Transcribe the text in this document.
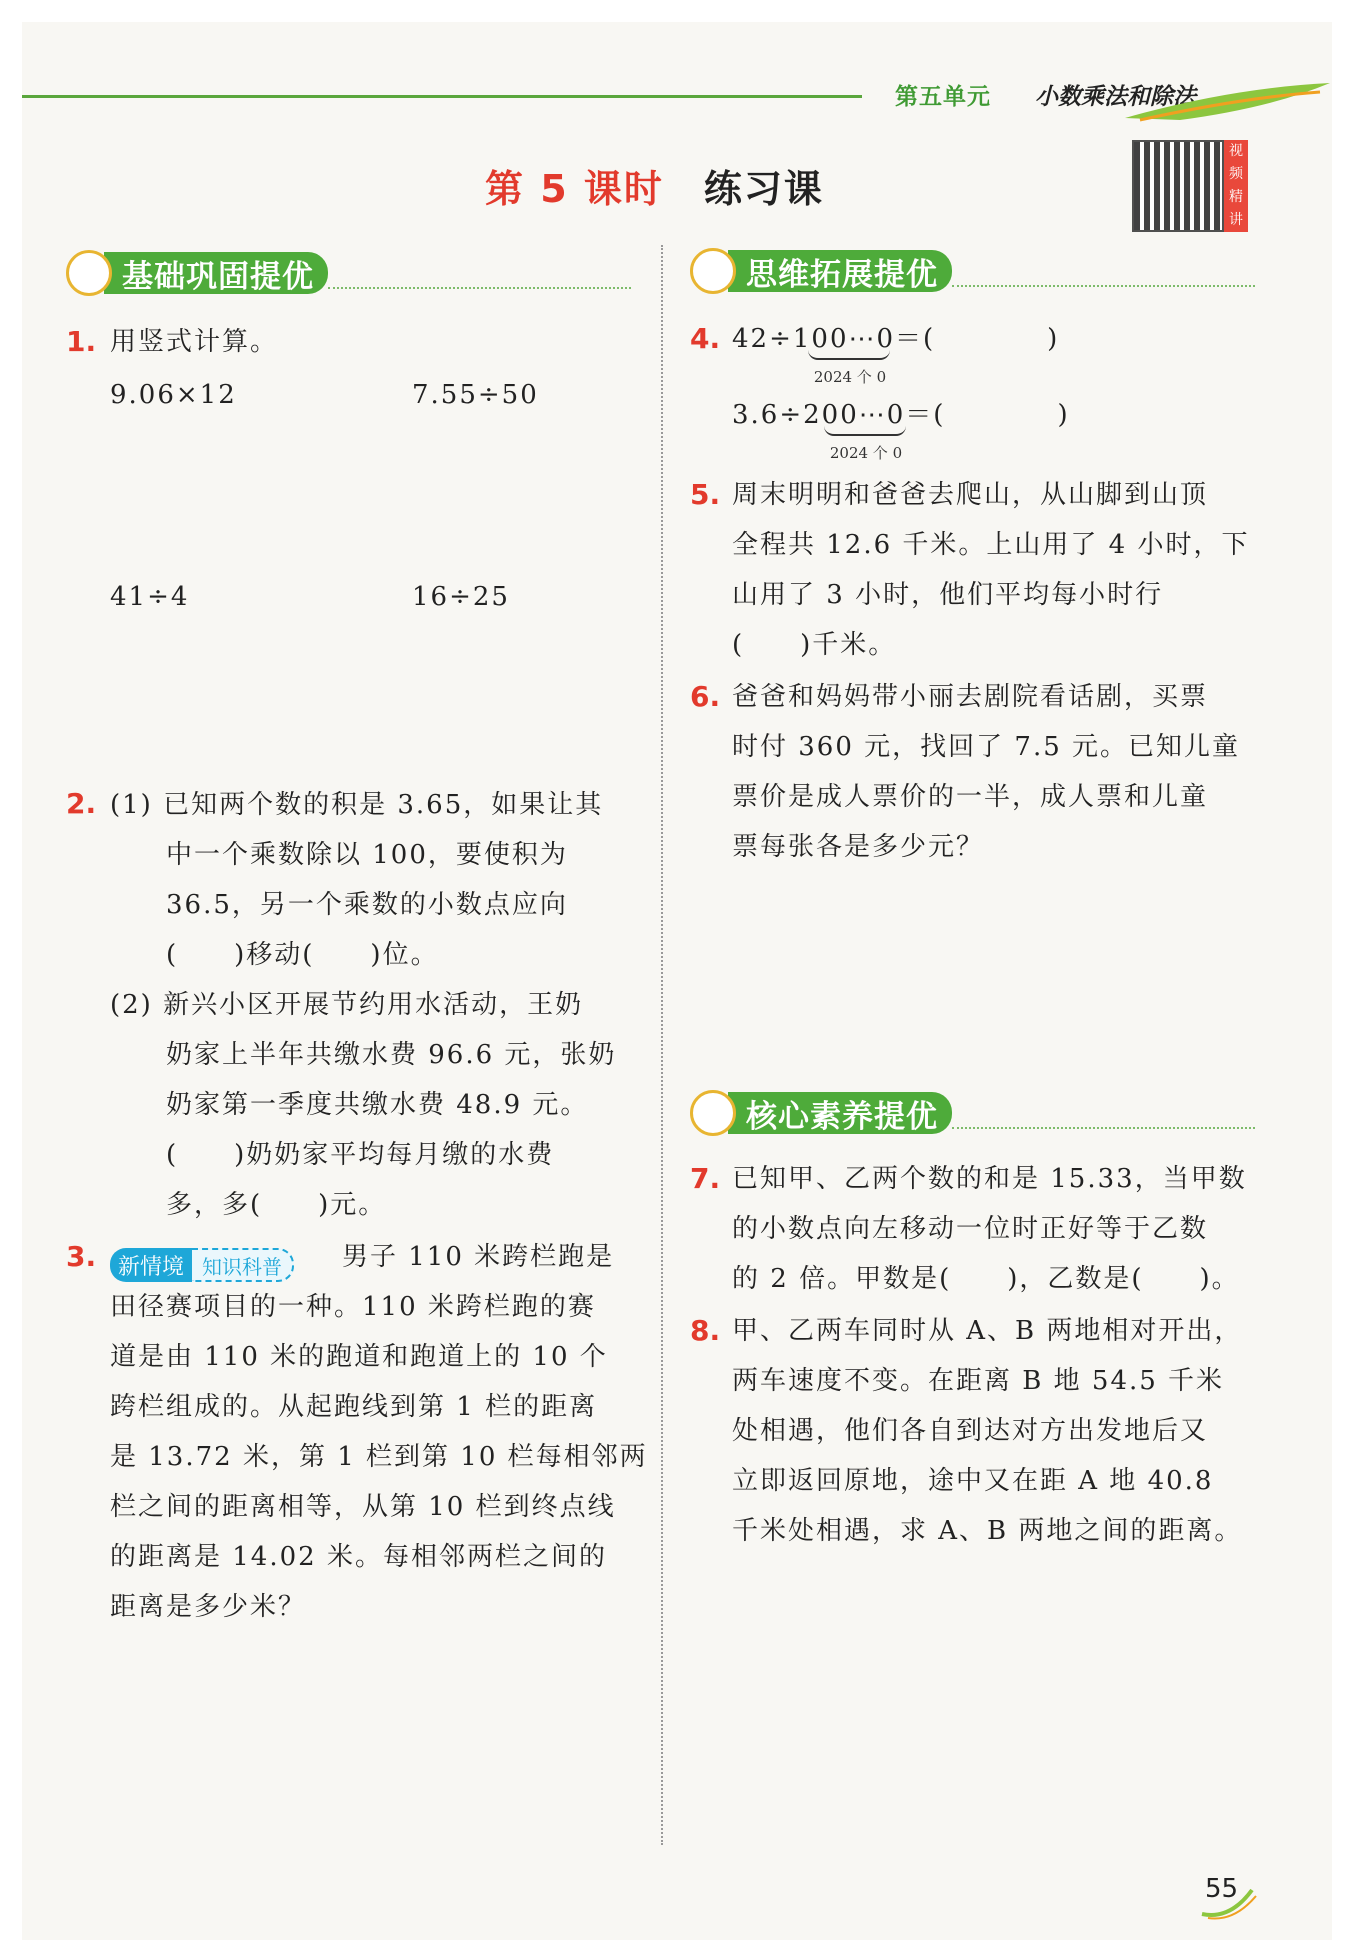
第五单元 小数乘法和除法
第 5 课时 练习课
视频精讲
基础巩固提优	思维拓展提优
核心素养提优
1. 用竖式计算。
9.06×12	7.55÷50
41÷4	16÷25
2. (1) 已知两个数的积是 3.65，如果让其
中一个乘数除以 100，要使积为
36.5，另一个乘数的小数点应向
(　　)移动(　　)位。
(2) 新兴小区开展节约用水活动，王奶
奶家上半年共缴水费 96.6 元，张奶
奶家第一季度共缴水费 48.9 元。
(　　)奶奶家平均每月缴的水费
多，多(　　)元。
3. 新情境 知识科普	男子 110 米跨栏跑是
田径赛项目的一种。110 米跨栏跑的赛
道是由 110 米的跑道和跑道上的 10 个
跨栏组成的。从起跑线到第 1 栏的距离
是 13.72 米，第 1 栏到第 10 栏每相邻两
栏之间的距离相等，从第 10 栏到终点线
的距离是 14.02 米。每相邻两栏之间的
距离是多少米？
4. 42÷100⋯0＝(　　　　)
2024 个 0
3.6÷200⋯0＝(　　　　)
2024 个 0
5. 周末明明和爸爸去爬山，从山脚到山顶
全程共 12.6 千米。上山用了 4 小时，下
山用了 3 小时，他们平均每小时行
(　　)千米。
6. 爸爸和妈妈带小丽去剧院看话剧，买票
时付 360 元，找回了 7.5 元。已知儿童
票价是成人票价的一半，成人票和儿童
票每张各是多少元？
7. 已知甲、乙两个数的和是 15.33，当甲数
的小数点向左移动一位时正好等于乙数
的 2 倍。甲数是(　　)，乙数是(　　)。
8. 甲、乙两车同时从 A、B 两地相对开出，
两车速度不变。在距离 B 地 54.5 千米
处相遇，他们各自到达对方出发地后又
立即返回原地，途中又在距 A 地 40.8
千米处相遇，求 A、B 两地之间的距离。
55
